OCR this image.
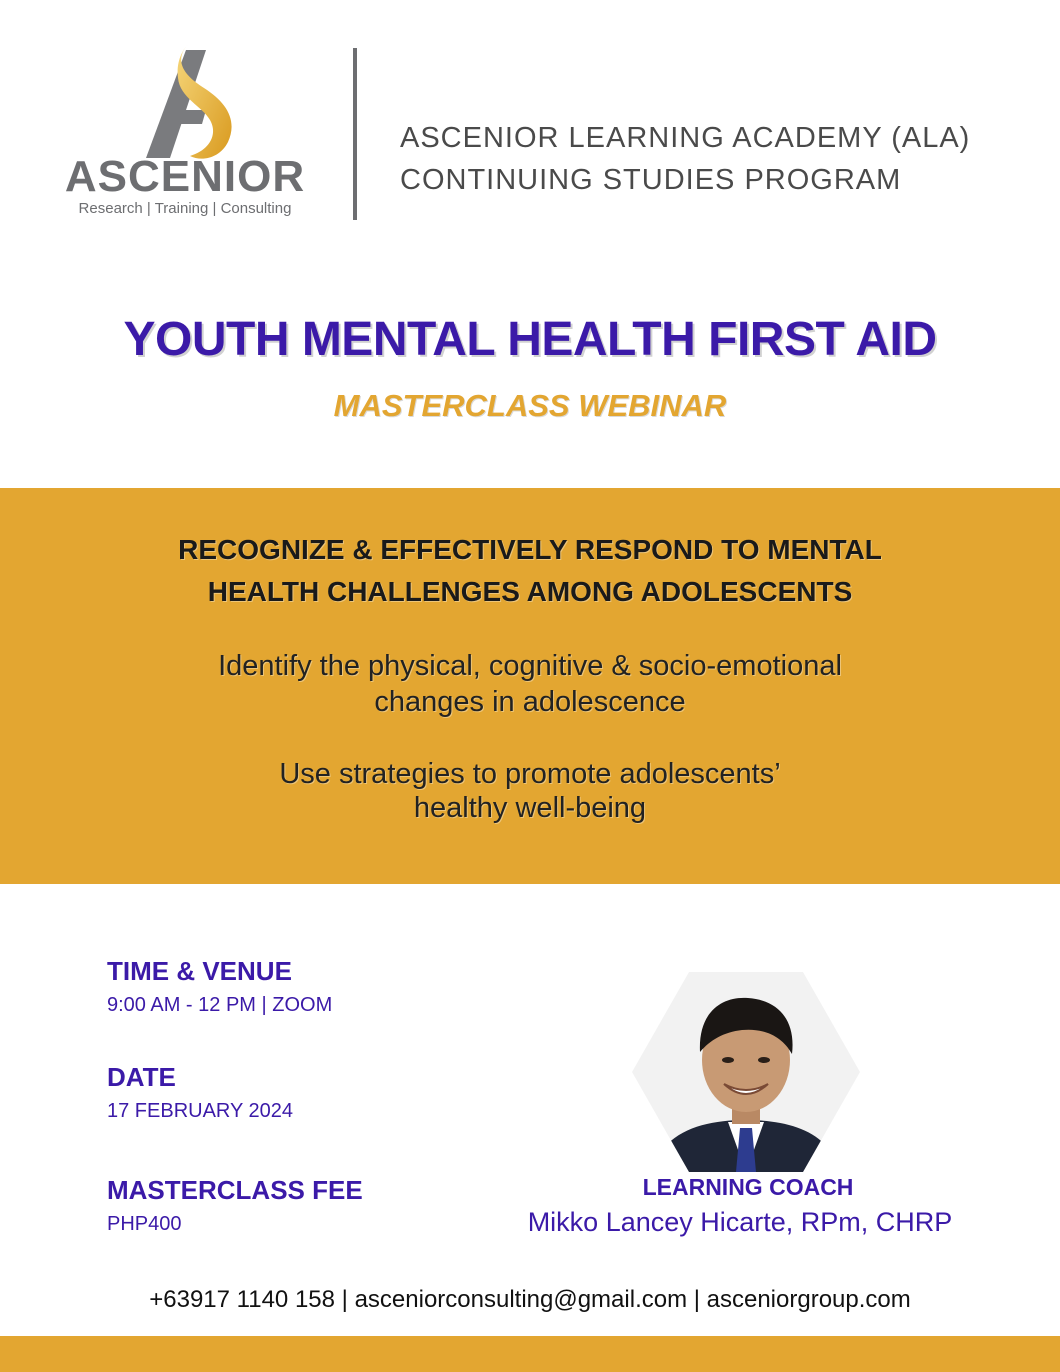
ASCENIOR
Research | Training | Consulting
ASCENIOR LEARNING ACADEMY (ALA)
CONTINUING STUDIES PROGRAM
YOUTH MENTAL HEALTH FIRST AID
MASTERCLASS WEBINAR
RECOGNIZE & EFFECTIVELY RESPOND TO MENTAL
HEALTH CHALLENGES AMONG ADOLESCENTS
Identify the physical, cognitive & socio-emotional
changes in adolescence
Use strategies to promote adolescents’
healthy well-being
TIME & VENUE
9:00 AM - 12 PM | ZOOM
DATE
17 FEBRUARY 2024
MASTERCLASS FEE
PHP400
LEARNING COACH
Mikko Lancey Hicarte, RPm, CHRP
+63917 1140 158 | asceniorconsulting@gmail.com | asceniorgroup.com
